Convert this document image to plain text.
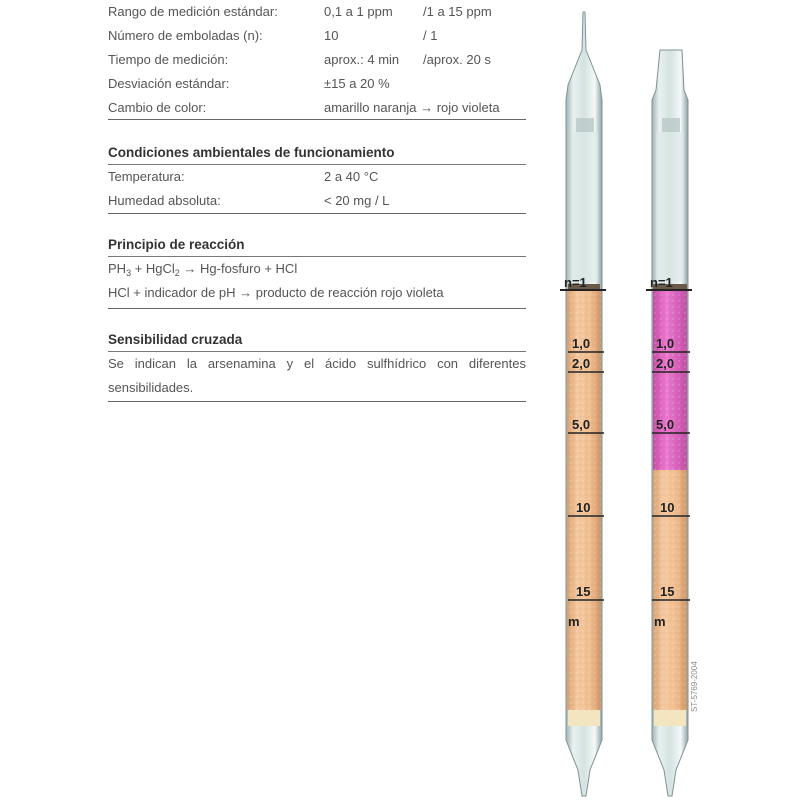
Rango de medición estándar:	0,1 a 1 ppm /1 a 15 ppm
Número de emboladas (n):	10	/ 1
Tiempo de medición:	aprox.: 4 min /aprox. 20 s
Desviación estándar:	±15 a 20 %
Cambio de color:	amarillo naranja → rojo violeta
Condiciones ambientales de funcionamiento
Temperatura:	2 a 40 °C
Humedad absoluta:	< 20 mg / L
Principio de reacción
$PH_3$ + HgCl$_2$ → Hg-fosfuro + HCl
HCl + indicador de pH → producto de reacción rojo violeta
Sensibilidad cruzada
Se indican la arsenamina y el ácido sulfhídrico con diferentes sensibilidades.
n=1
1,0
2,0
5,0
10
15
m
n=1
1,0
2,0
5,0
10
15
m
ST-5769-2004
